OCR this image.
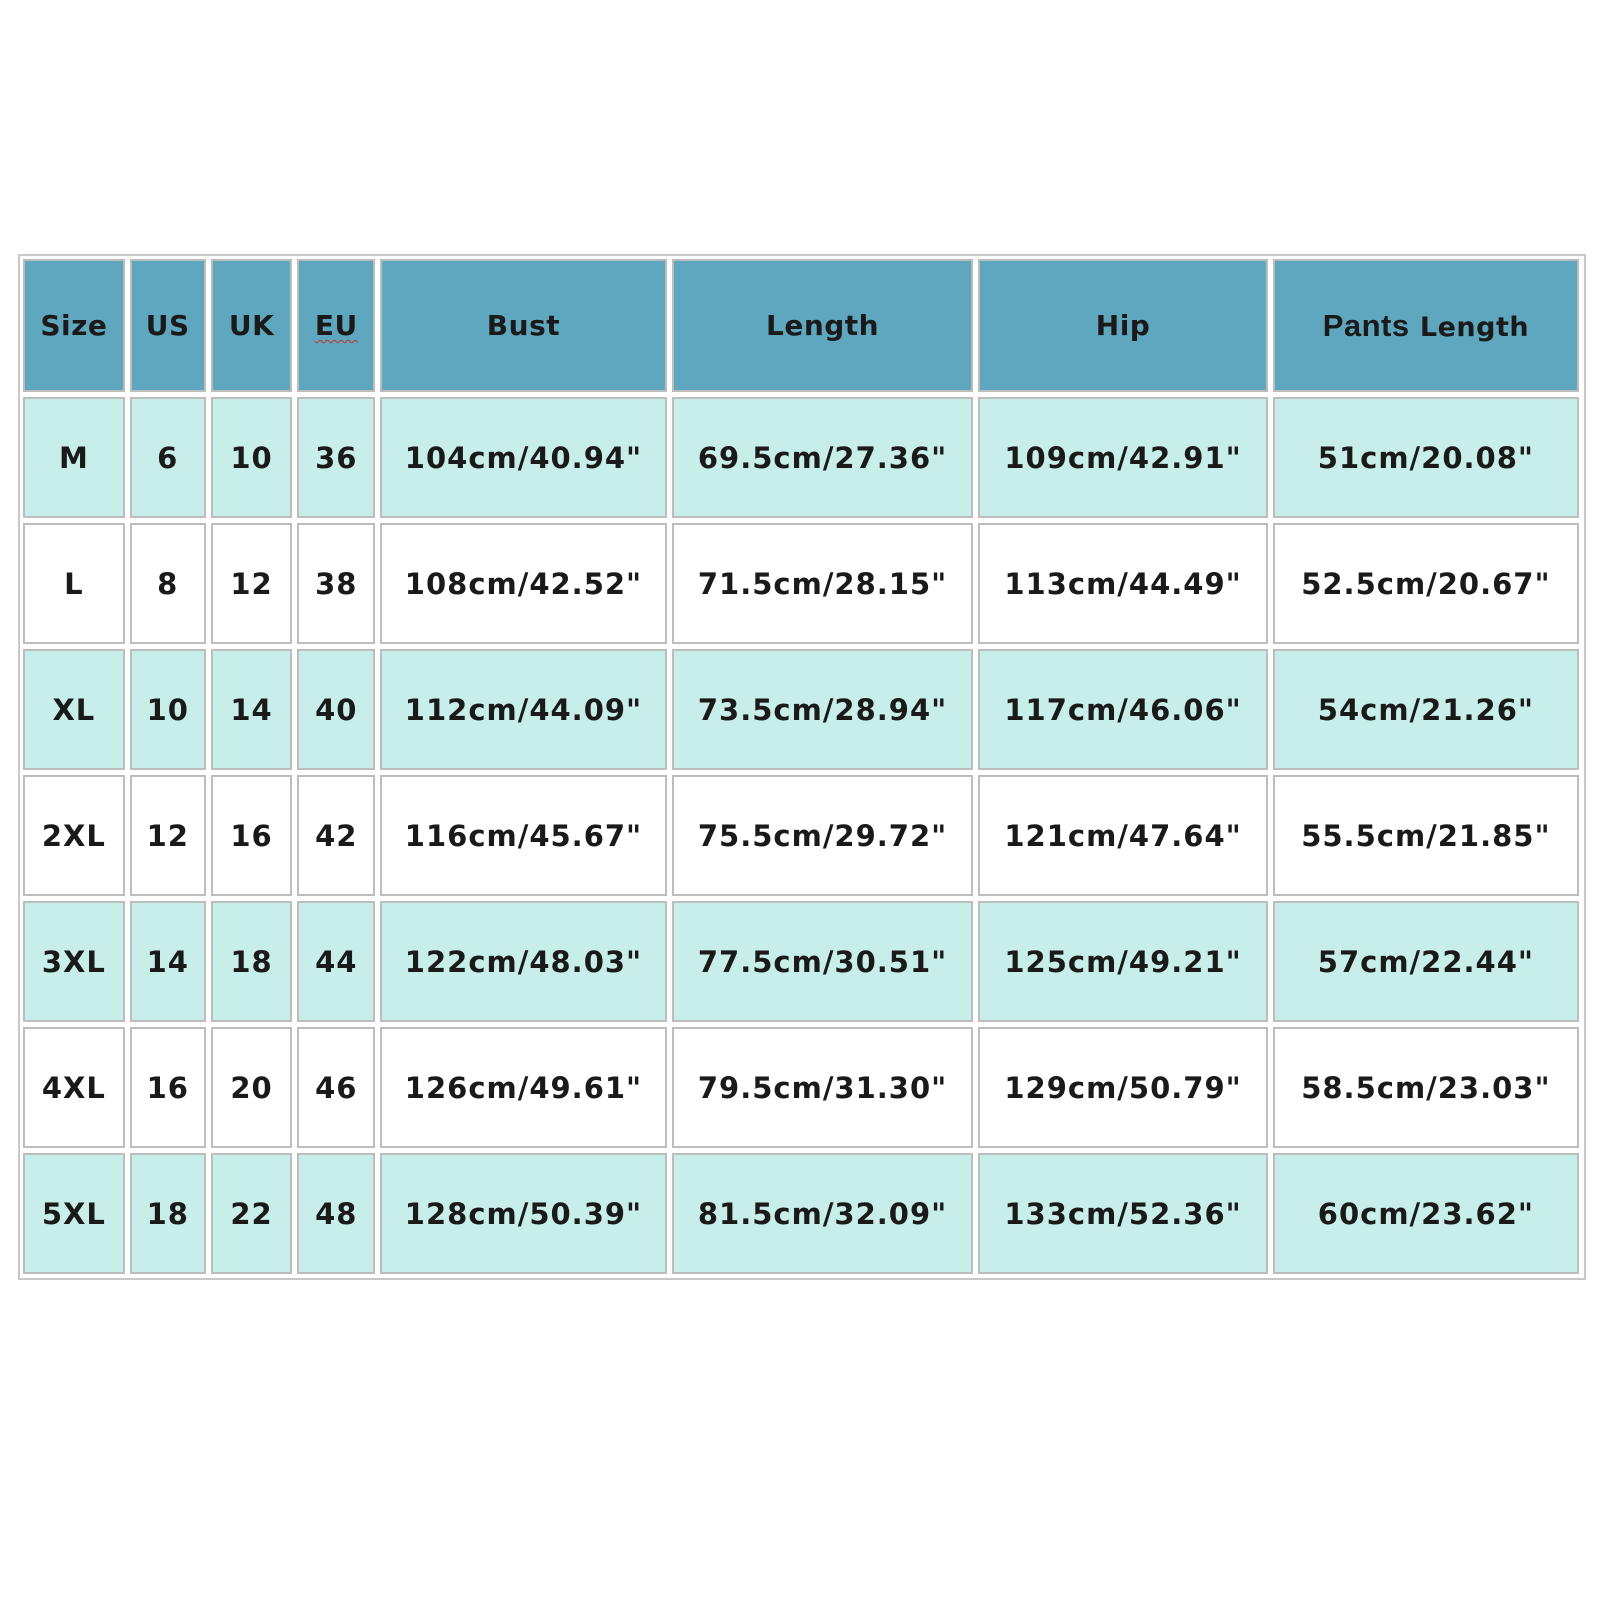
Size	US	UK	EU	Bust	Length	Hip	Pants Length
M	6	10	36	104cm/40.94"	69.5cm/27.36"	109cm/42.91"	51cm/20.08"
L	8	12	38	108cm/42.52"	71.5cm/28.15"	113cm/44.49"	52.5cm/20.67"
XL	10	14	40	112cm/44.09"	73.5cm/28.94"	117cm/46.06"	54cm/21.26"
2XL	12	16	42	116cm/45.67"	75.5cm/29.72"	121cm/47.64"	55.5cm/21.85"
3XL	14	18	44	122cm/48.03"	77.5cm/30.51"	125cm/49.21"	57cm/22.44"
4XL	16	20	46	126cm/49.61"	79.5cm/31.30"	129cm/50.79"	58.5cm/23.03"
5XL	18	22	48	128cm/50.39"	81.5cm/32.09"	133cm/52.36"	60cm/23.62"
